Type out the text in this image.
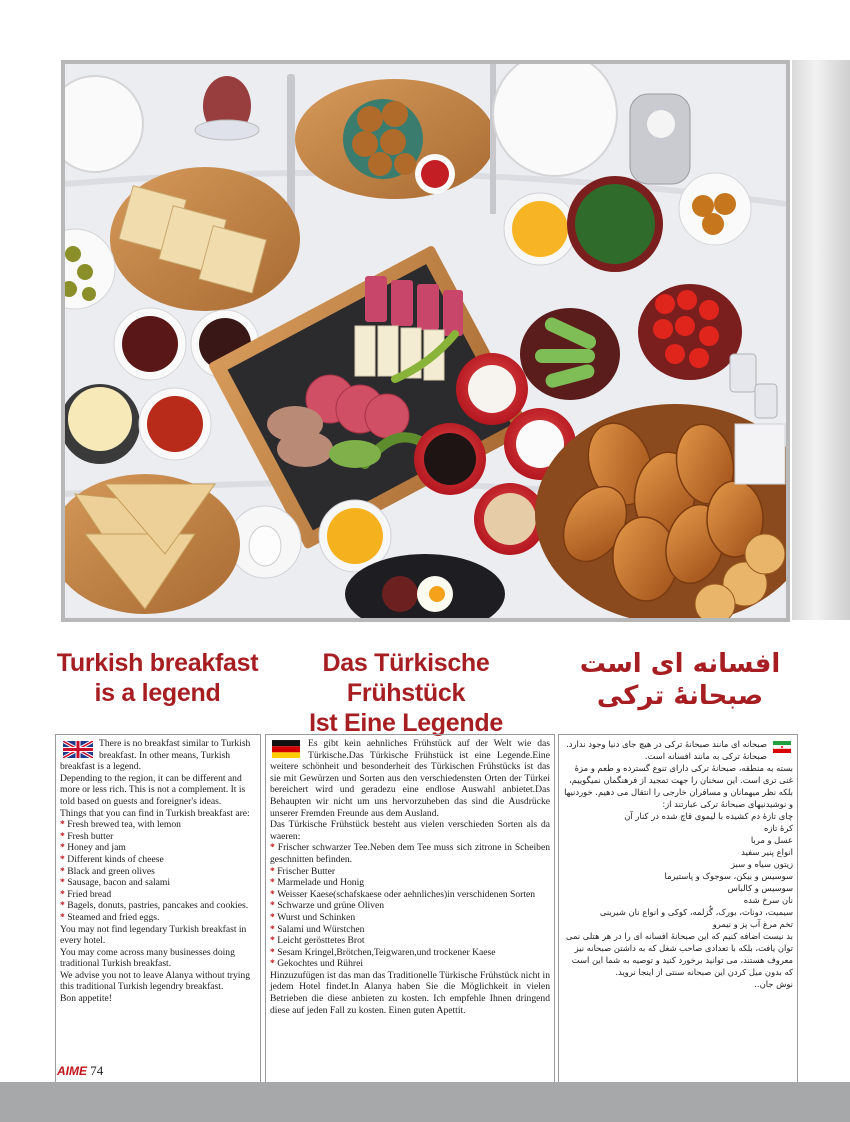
Turkish breakfast
is a legend
Das Türkische Frühstück
Ist Eine Legende
افسانه ای است
صبحانهٔ ترکی

There is no breakfast similar to Turkish breakfast. In other means, Turkish breakfast is a legend.

Depending to the region, it can be different and more or less rich. This is not a complement. It is told based on guests and foreigner's ideas.

Things that you can find in Turkish breakfast are:

* Fresh brewed tea, with lemon
* Fresh butter
* Honey and jam
* Different kinds of cheese
* Black and green olives
* Sausage, bacon and salami
* Fried bread
* Bagels, donuts, pastries, pancakes and cookies.
* Steamed and fried eggs.

You may not find legendary Turkish breakfast in every hotel.

You may come across many businesses doing traditional Turkish breakfast.

We advise you not to leave Alanya without trying this traditional Turkish legendry breakfast.

Bon appetite!

Es gibt kein aehnliches Frühstück auf der Welt wie das Türkische.Das Türkische Frühstück ist eine Legende.Eine weitere schönheit und besonderheit des Türkischen Frühstücks ist das sie mit Gewürzen und Sorten aus den verschiedensten Orten der Türkei bereichert wird und geradezu eine endlose Auswahl anbietet.Das Behaupten wir nicht um uns hervorzuheben das sind die Ausdrücke unserer Fremden Freunde aus dem Ausland.

Das Türkische Frühstück besteht aus vielen verschieden Sorten als da waeren:

* Frischer schwarzer Tee.Neben dem Tee muss sich zitrone in Scheiben geschnitten befinden.
* Frischer Butter
* Marmelade und Honig
* Weisser Kaese(schafskaese oder aehnliches)in verschidenen Sorten
* Schwarze und grüne Oliven
* Wurst und Schinken
* Salami und Würstchen
* Leicht gerösttetes Brot
* Sesam Kringel,Brötchen,Teigwaren,und trockener Kaese
* Gekochtes und Rührei

Hinzuzufügen ist das man das Traditionelle Türkische Frühstück nicht in jedem Hotel findet.In Alanya haben Sie die Möglichkeit in vielen Betrieben die diese anbieten zu kosten. Ich empfehle Ihnen dringend diese auf jeden Fall zu kosten. Einen guten Apettit.

صبحانه ای مانند صبحانهٔ ترکی در هیچ جای دنیا وجود ندارد. صبحانهٔ ترکی به مانند افسانه است.

بسته به منطقه، صبحانهٔ ترکی دارای تنوع گسترده و طعم و مزهٔ غنی تری است. این سخنان را جهت تمجید از فرهنگمان نمیگوییم، بلکه نظر میهمانان و مسافران خارجی را انتقال می دهیم. خوردنیها و نوشیدنیهای صبحانهٔ ترکی عبارتند از:

چای تازهٔ دم کشیده با لیموی قاچ شده در کنار آن
کرهٔ تازه
عسل و مربا
انواع پنیر سفید
زیتون سیاه و سبز
سوسیس و بیکن، سوجوک و پاستیرما
سوسیس و کالباس
نان سرخ شده
سیمیت، دونات، بورک، گُزلمه، کوکی و انواع نان شیرینی
تخم مرغ آب پز و نیمرو

بد نیست اضافه کنیم که این صبحانهٔ افسانه ای را در هر هتلی نمی توان یافت، بلکه با تعدادی صاحب شغل که به داشتن صبحانه نیز معروف هستند، می توانید برخورد کنید و توصیه به شما این است که بدون میل کردن این صبحانه سنتی از اینجا نروید.

نوش جان..

AIME 74
